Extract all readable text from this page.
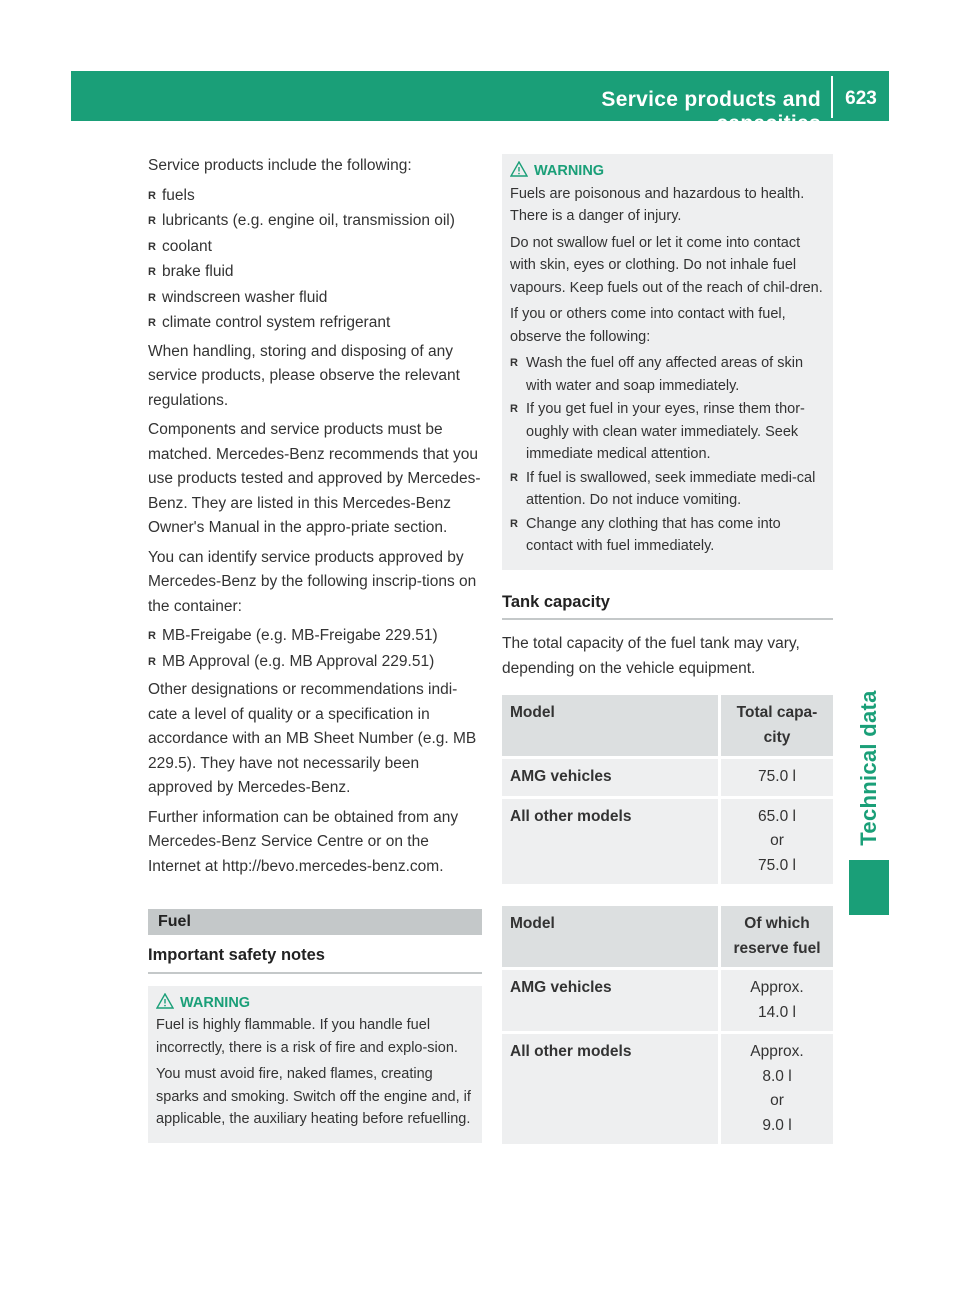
Service products and capacities
623
Technical data

Service products include the following:

R fuels
R lubricants (e.g. engine oil, transmission oil)
R coolant
R brake fluid
R windscreen washer fluid
R climate control system refrigerant

When handling, storing and disposing of any service products, please observe the relevant regulations.

Components and service products must be matched. Mercedes-Benz recommends that you use products tested and approved by Mercedes-Benz. They are listed in this Mercedes-Benz Owner's Manual in the appro-priate section.

You can identify service products approved by Mercedes-Benz by the following inscrip-tions on the container:

R MB-Freigabe (e.g. MB-Freigabe 229.51)
R MB Approval (e.g. MB Approval 229.51)

Other designations or recommendations indi-cate a level of quality or a specification in accordance with an MB Sheet Number (e.g. MB 229.5). They have not necessarily been approved by Mercedes-Benz.

Further information can be obtained from any Mercedes-Benz Service Centre or on the Internet at http://bevo.mercedes-benz.com.

Fuel
Important safety notes
WARNING

Fuel is highly flammable. If you handle fuel incorrectly, there is a risk of fire and explo-sion.

You must avoid fire, naked flames, creating sparks and smoking. Switch off the engine and, if applicable, the auxiliary heating before refuelling.

WARNING

Fuels are poisonous and hazardous to health. There is a danger of injury.

Do not swallow fuel or let it come into contact with skin, eyes or clothing. Do not inhale fuel vapours. Keep fuels out of the reach of chil-dren.

If you or others come into contact with fuel, observe the following:

R Wash the fuel off any affected areas of skin with water and soap immediately.
R If you get fuel in your eyes, rinse them thor-oughly with clean water immediately. Seek immediate medical attention.
R If fuel is swallowed, seek immediate medi-cal attention. Do not induce vomiting.
R Change any clothing that has come into contact with fuel immediately.
Tank capacity

The total capacity of the fuel tank may vary, depending on the vehicle equipment.

Model	Total capa-city
AMG vehicles	75.0 l
All other models	65.0 l
or
75.0 l
Model	Of which reserve fuel
AMG vehicles	Approx.
14.0 l
All other models	Approx.
8.0 l
or
9.0 l
